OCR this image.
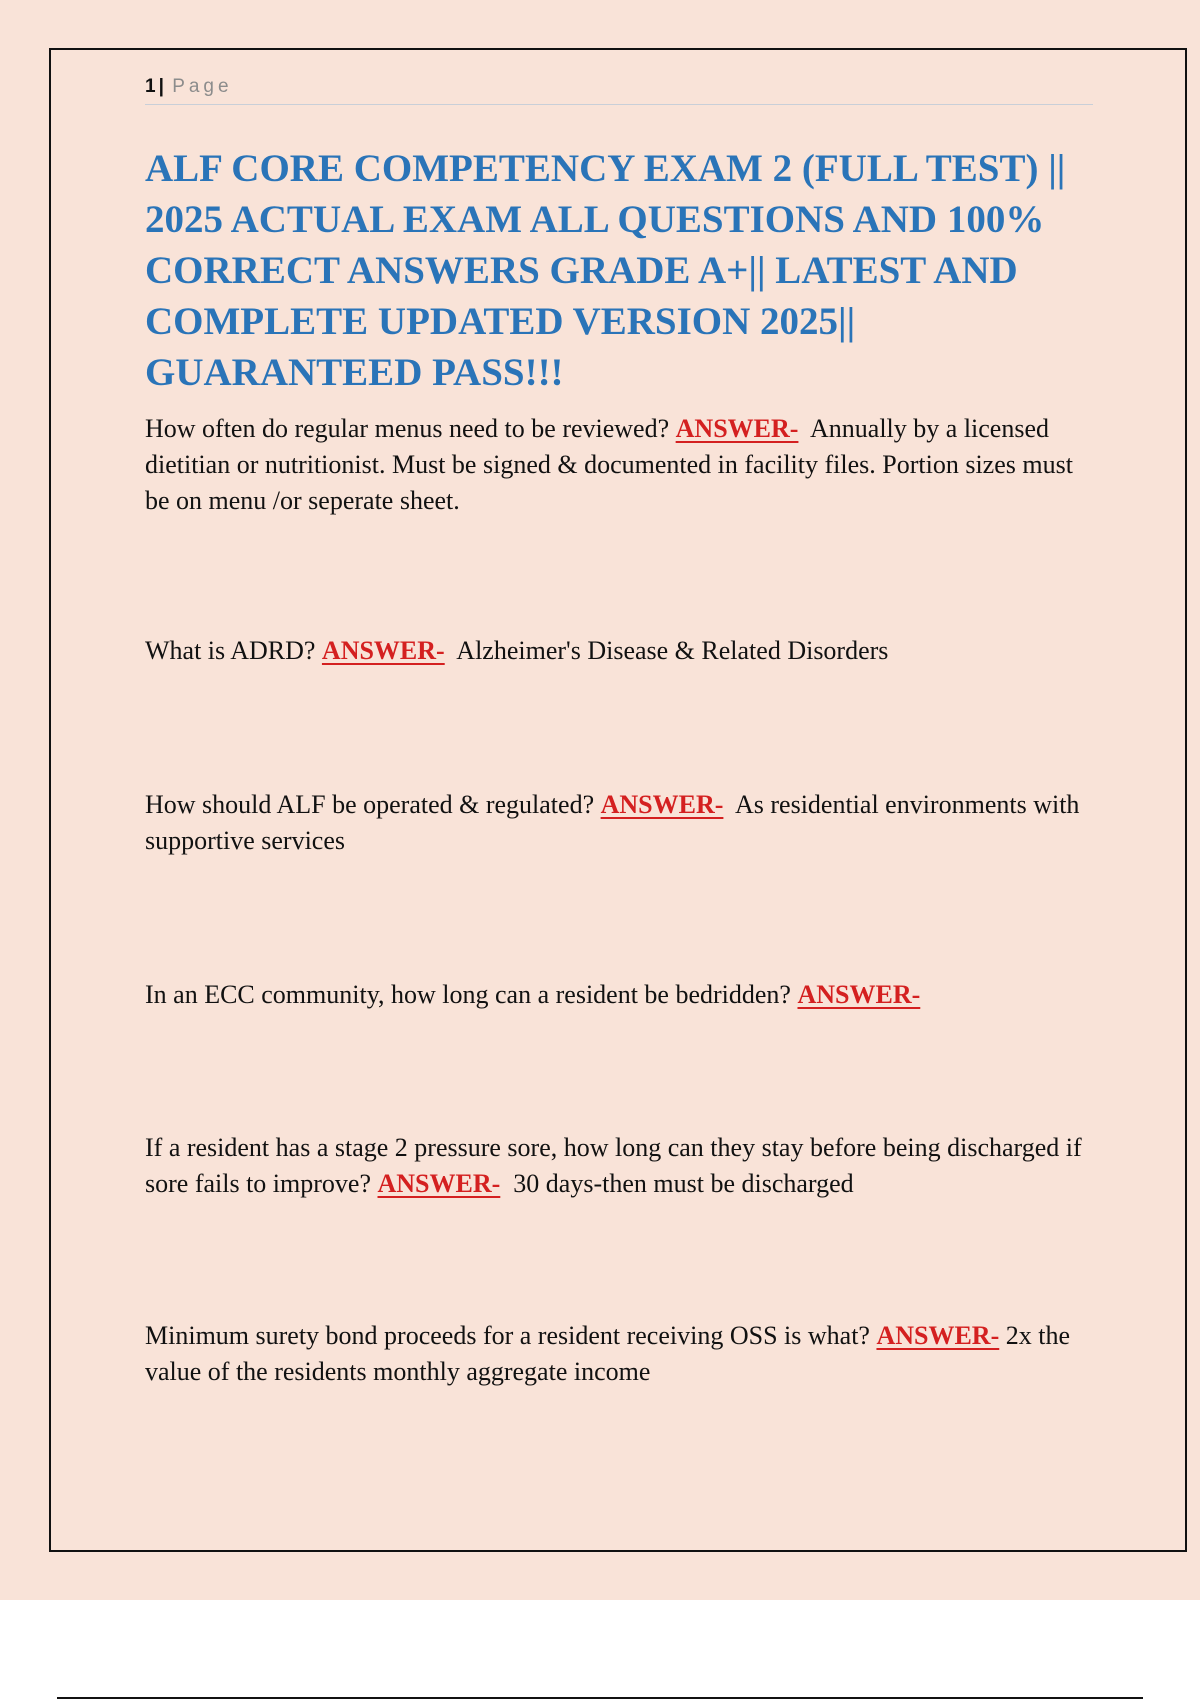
1 | Page
ALF CORE COMPETENCY EXAM 2 (FULL TEST) || 2025 ACTUAL EXAM ALL QUESTIONS AND 100% CORRECT ANSWERS GRADE A+|| LATEST AND COMPLETE UPDATED VERSION 2025|| GUARANTEED PASS!!!

How often do regular menus need to be reviewed? ANSWER- Annually by a licensed dietitian or nutritionist. Must be signed & documented in facility files. Portion sizes must be on menu /or seperate sheet.

What is ADRD? ANSWER- Alzheimer's Disease & Related Disorders

How should ALF be operated & regulated? ANSWER- As residential environments with supportive services

In an ECC community, how long can a resident be bedridden? ANSWER-

If a resident has a stage 2 pressure sore, how long can they stay before being discharged if sore fails to improve? ANSWER- 30 days-then must be discharged

Minimum surety bond proceeds for a resident receiving OSS is what? ANSWER- 2x the value of the residents monthly aggregate income
